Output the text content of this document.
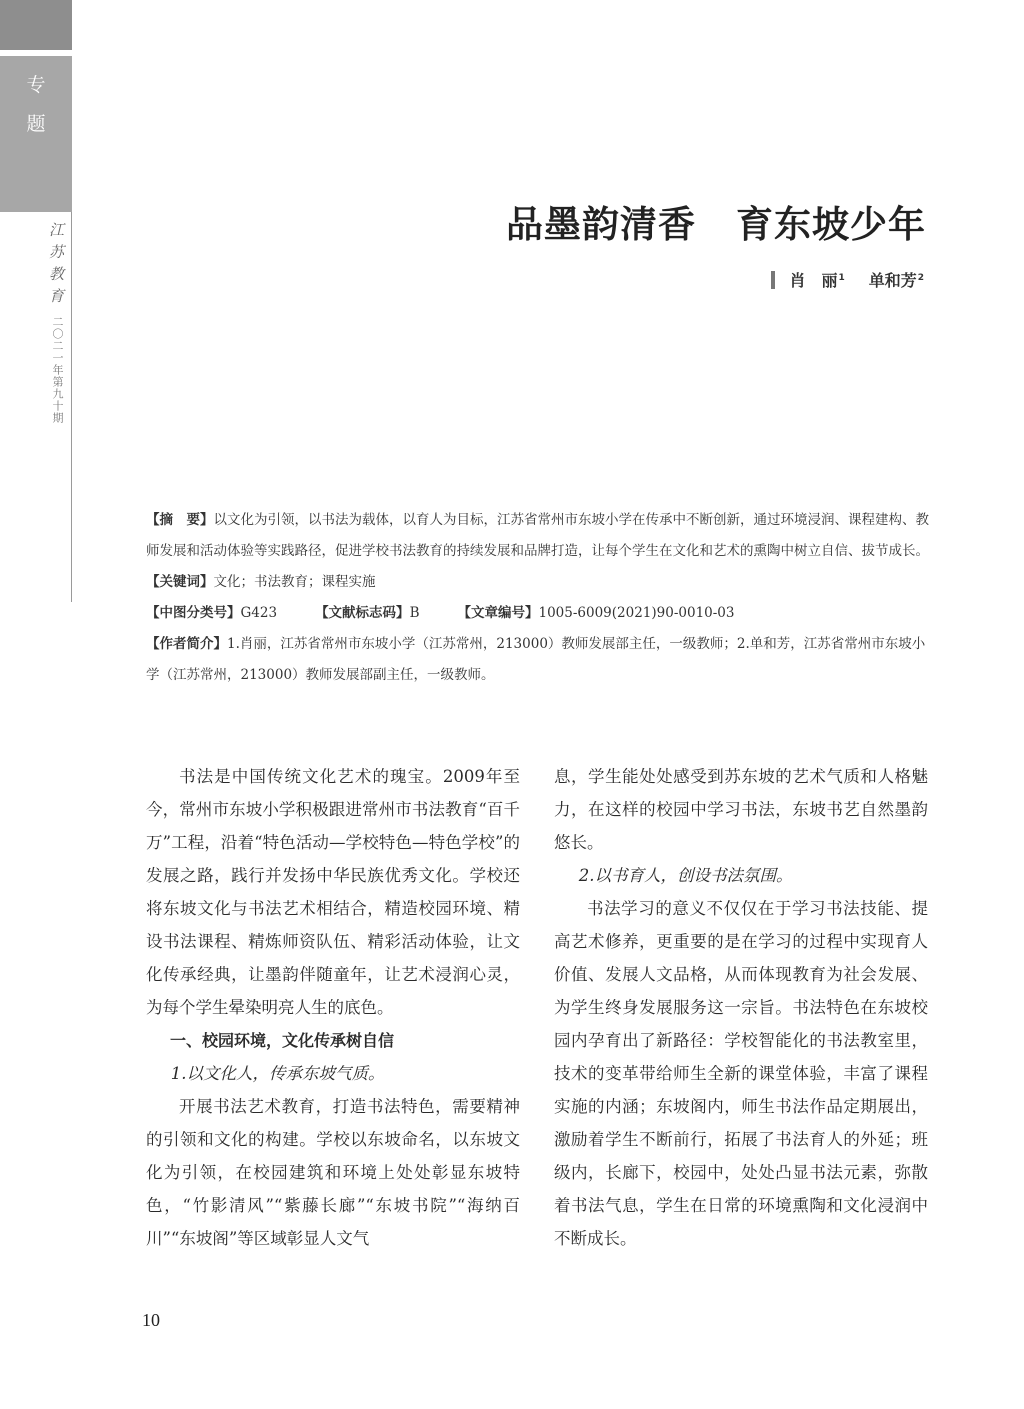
专
题
江苏教育
二〇二一年第九十期
品墨韵清香 育东坡少年
肖　丽$^1$ 单和芳$^2$

【摘　要】以文化为引领，以书法为载体，以育人为目标，江苏省常州市东坡小学在传承中不断创新，通过环境浸润、课程建构、教师发展和活动体验等实践路径，促进学校书法教育的持续发展和品牌打造，让每个学生在文化和艺术的熏陶中树立自信、拔节成长。

【关键词】文化；书法教育；课程实施

【中图分类号】G423	【文献标志码】B	【文章编号】1005-6009(2021)90-0010-03

【作者简介】1.肖丽，江苏省常州市东坡小学（江苏常州，213000）教师发展部主任，一级教师；2.单和芳，江苏省常州市东坡小学（江苏常州，213000）教师发展部副主任，一级教师。

书法是中国传统文化艺术的瑰宝。2009年至今，常州市东坡小学积极跟进常州市书法教育“百千万”工程，沿着“特色活动—学校特色—特色学校”的发展之路，践行并发扬中华民族优秀文化。学校还将东坡文化与书法艺术相结合，精造校园环境、精设书法课程、精炼师资队伍、精彩活动体验，让文化传承经典，让墨韵伴随童年，让艺术浸润心灵，为每个学生晕染明亮人生的底色。

一、校园环境，文化传承树自信

1.以文化人，传承东坡气质。

开展书法艺术教育，打造书法特色，需要精神的引领和文化的构建。学校以东坡命名，以东坡文化为引领，在校园建筑和环境上处处彰显东坡特色，“竹影清风”“紫藤长廊”“东坡书院”“海纳百川”“东坡阁”等区域彰显人文气

息，学生能处处感受到苏东坡的艺术气质和人格魅力，在这样的校园中学习书法，东坡书艺自然墨韵悠长。

2.以书育人，创设书法氛围。

书法学习的意义不仅仅在于学习书法技能、提高艺术修养，更重要的是在学习的过程中实现育人价值、发展人文品格，从而体现教育为社会发展、为学生终身发展服务这一宗旨。书法特色在东坡校园内孕育出了新路径：学校智能化的书法教室里，技术的变革带给师生全新的课堂体验，丰富了课程实施的内涵；东坡阁内，师生书法作品定期展出，激励着学生不断前行，拓展了书法育人的外延；班级内，长廊下，校园中，处处凸显书法元素，弥散着书法气息，学生在日常的环境熏陶和文化浸润中不断成长。

10
